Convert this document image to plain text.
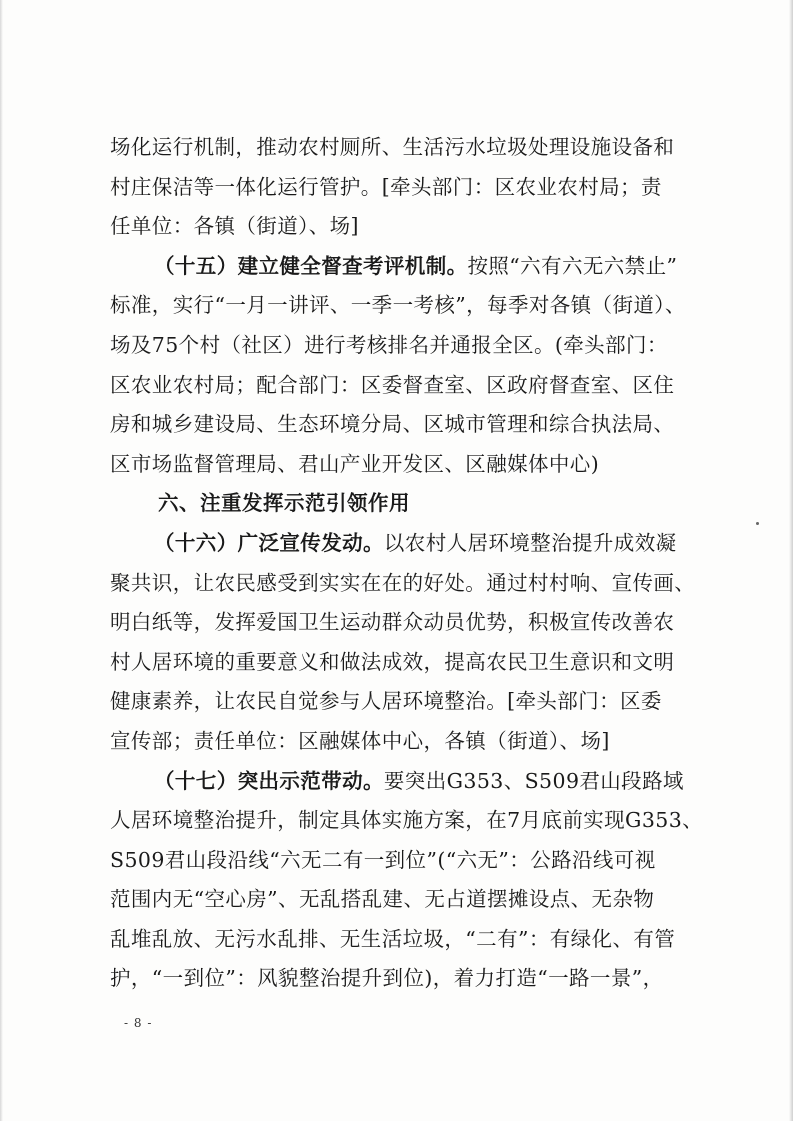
场化运行机制，推动农村厕所、生活污水垃圾处理设施设备和
村庄保洁等一体化运行管护。[牵头部门：区农业农村局；责
任单位：各镇（街道）、场]
（十五）建立健全督查考评机制。按照“六有六无六禁止”
标准，实行“一月一讲评、一季一考核”，每季对各镇（街道）、
场及75个村（社区）进行考核排名并通报全区。(牵头部门：
区农业农村局；配合部门：区委督查室、区政府督查室、区住
房和城乡建设局、生态环境分局、区城市管理和综合执法局、
区市场监督管理局、君山产业开发区、区融媒体中心)
六、注重发挥示范引领作用
（十六）广泛宣传发动。以农村人居环境整治提升成效凝
聚共识，让农民感受到实实在在的好处。通过村村响、宣传画、
明白纸等，发挥爱国卫生运动群众动员优势，积极宣传改善农
村人居环境的重要意义和做法成效，提高农民卫生意识和文明
健康素养，让农民自觉参与人居环境整治。[牵头部门：区委
宣传部；责任单位：区融媒体中心，各镇（街道）、场]
（十七）突出示范带动。要突出G353、S509君山段路域
人居环境整治提升，制定具体实施方案，在7月底前实现G353、
S509君山段沿线“六无二有一到位”(“六无”：公路沿线可视
范围内无“空心房”、无乱搭乱建、无占道摆摊设点、无杂物
乱堆乱放、无污水乱排、无生活垃圾，“二有”：有绿化、有管
护，“一到位”：风貌整治提升到位)，着力打造“一路一景”，
- 8 -
